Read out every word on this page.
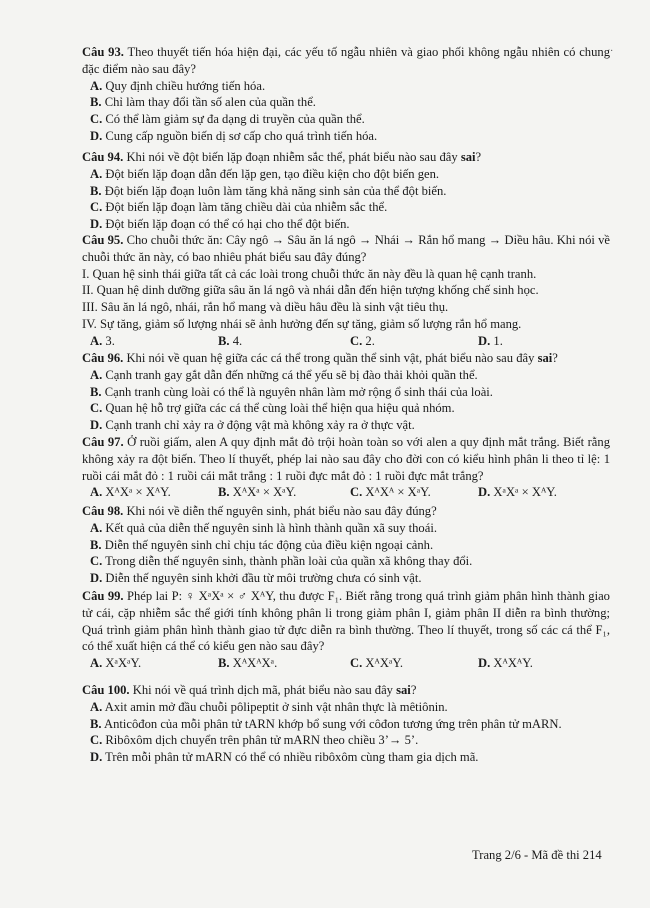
·
Câu 93. Theo thuyết tiến hóa hiện đại, các yếu tố ngẫu nhiên và giao phối không ngẫu nhiên có chung đặc điểm nào sau đây?
A. Quy định chiều hướng tiến hóa.
B. Chỉ làm thay đổi tần số alen của quần thể.
C. Có thể làm giảm sự đa dạng di truyền của quần thể.
D. Cung cấp nguồn biến dị sơ cấp cho quá trình tiến hóa.
Câu 94. Khi nói về đột biến lặp đoạn nhiễm sắc thể, phát biểu nào sau đây sai?
A. Đột biến lặp đoạn dẫn đến lặp gen, tạo điều kiện cho đột biến gen.
B. Đột biến lặp đoạn luôn làm tăng khả năng sinh sản của thể đột biến.
C. Đột biến lặp đoạn làm tăng chiều dài của nhiễm sắc thể.
D. Đột biến lặp đoạn có thể có hại cho thể đột biến.
Câu 95. Cho chuỗi thức ăn: Cây ngô → Sâu ăn lá ngô → Nhái → Rắn hổ mang → Diều hâu. Khi nói về chuỗi thức ăn này, có bao nhiêu phát biểu sau đây đúng?
I. Quan hệ sinh thái giữa tất cả các loài trong chuỗi thức ăn này đều là quan hệ cạnh tranh.
II. Quan hệ dinh dưỡng giữa sâu ăn lá ngô và nhái dẫn đến hiện tượng khống chế sinh học.
III. Sâu ăn lá ngô, nhái, rắn hổ mang và diều hâu đều là sinh vật tiêu thụ.
IV. Sự tăng, giảm số lượng nhái sẽ ảnh hưởng đến sự tăng, giảm số lượng rắn hổ mang.
A. 3.	B. 4.	C. 2.	D. 1.
Câu 96. Khi nói về quan hệ giữa các cá thể trong quần thể sinh vật, phát biểu nào sau đây sai?
A. Cạnh tranh gay gắt dẫn đến những cá thể yếu sẽ bị đào thải khỏi quần thể.
B. Cạnh tranh cùng loài có thể là nguyên nhân làm mở rộng ổ sinh thái của loài.
C. Quan hệ hỗ trợ giữa các cá thể cùng loài thể hiện qua hiệu quả nhóm.
D. Cạnh tranh chỉ xảy ra ở động vật mà không xảy ra ở thực vật.
Câu 97. Ở ruồi giấm, alen A quy định mắt đỏ trội hoàn toàn so với alen a quy định mắt trắng. Biết rằng không xảy ra đột biến. Theo lí thuyết, phép lai nào sau đây cho đời con có kiểu hình phân li theo tỉ lệ: 1 ruồi cái mắt đỏ : 1 ruồi cái mắt trắng : 1 ruồi đực mắt đỏ : 1 ruồi đực mắt trắng?
A. XᴬXᵃ × XᴬY.	B. XᴬXᵃ × XᵃY.	C. XᴬXᴬ × XᵃY.	D. XᵃXᵃ × XᴬY.
Câu 98. Khi nói về diễn thế nguyên sinh, phát biểu nào sau đây đúng?
A. Kết quả của diễn thế nguyên sinh là hình thành quần xã suy thoái.
B. Diễn thế nguyên sinh chỉ chịu tác động của điều kiện ngoại cảnh.
C. Trong diễn thế nguyên sinh, thành phần loài của quần xã không thay đổi.
D. Diễn thế nguyên sinh khởi đầu từ môi trường chưa có sinh vật.
Câu 99. Phép lai P: ♀ XᵃXᵃ × ♂ XᴬY, thu được F₁. Biết rằng trong quá trình giảm phân hình thành giao tử cái, cặp nhiễm sắc thể giới tính không phân li trong giảm phân I, giảm phân II diễn ra bình thường; Quá trình giảm phân hình thành giao tử đực diễn ra bình thường. Theo lí thuyết, trong số các cá thể F₁, có thể xuất hiện cá thể có kiểu gen nào sau đây?
A. XᵃXᵃY.	B. XᴬXᴬXᵃ.	C. XᴬXᵃY.	D. XᴬXᴬY.
Câu 100. Khi nói về quá trình dịch mã, phát biểu nào sau đây sai?
A. Axit amin mở đầu chuỗi pôlipeptit ở sinh vật nhân thực là mêtiônin.
B. Anticôđon của mỗi phân tử tARN khớp bổ sung với côđon tương ứng trên phân tử mARN.
C. Ribôxôm dịch chuyển trên phân tử mARN theo chiều 3’→ 5’.
D. Trên mỗi phân tử mARN có thể có nhiều ribôxôm cùng tham gia dịch mã.
Trang 2/6 - Mã đề thi 214
